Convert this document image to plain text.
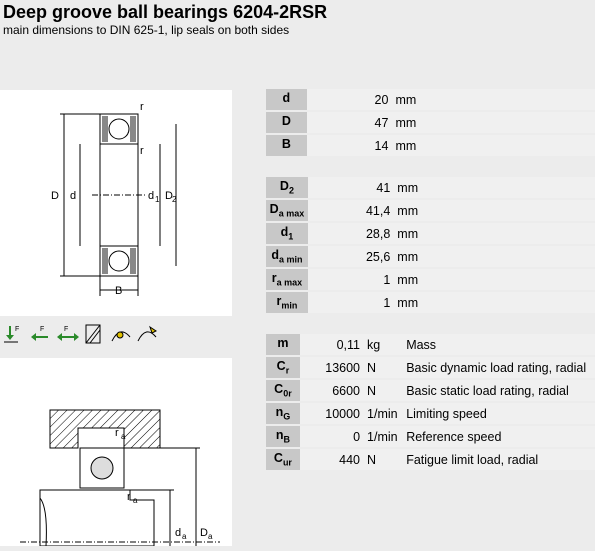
Deep groove ball bearings 6204-2RSR
main dimensions to DIN 625-1, lip seals on both sides
D d	d 1 D 2
B
r
r
F	F	F
r a
r a
d a D a
d	20	mm	
D	47	mm	
B	14	mm	
$D_2$	41	mm	
$D_{a max}$	41,4	mm	
$d_1$	28,8	mm	
$d_{a min}$	25,6	mm	
$r_{a max}$	1	mm	
$r_{min}$	1	mm	
m	0,11	kg	Mass
$C_r$	13600	N	Basic dynamic load rating, radial
$C_{0r}$	6600	N	Basic static load rating, radial
$n_G$	10000	1/min	Limiting speed
$n_B$	0	1/min	Reference speed
$C_{ur}$	440	N	Fatigue limit load, radial
